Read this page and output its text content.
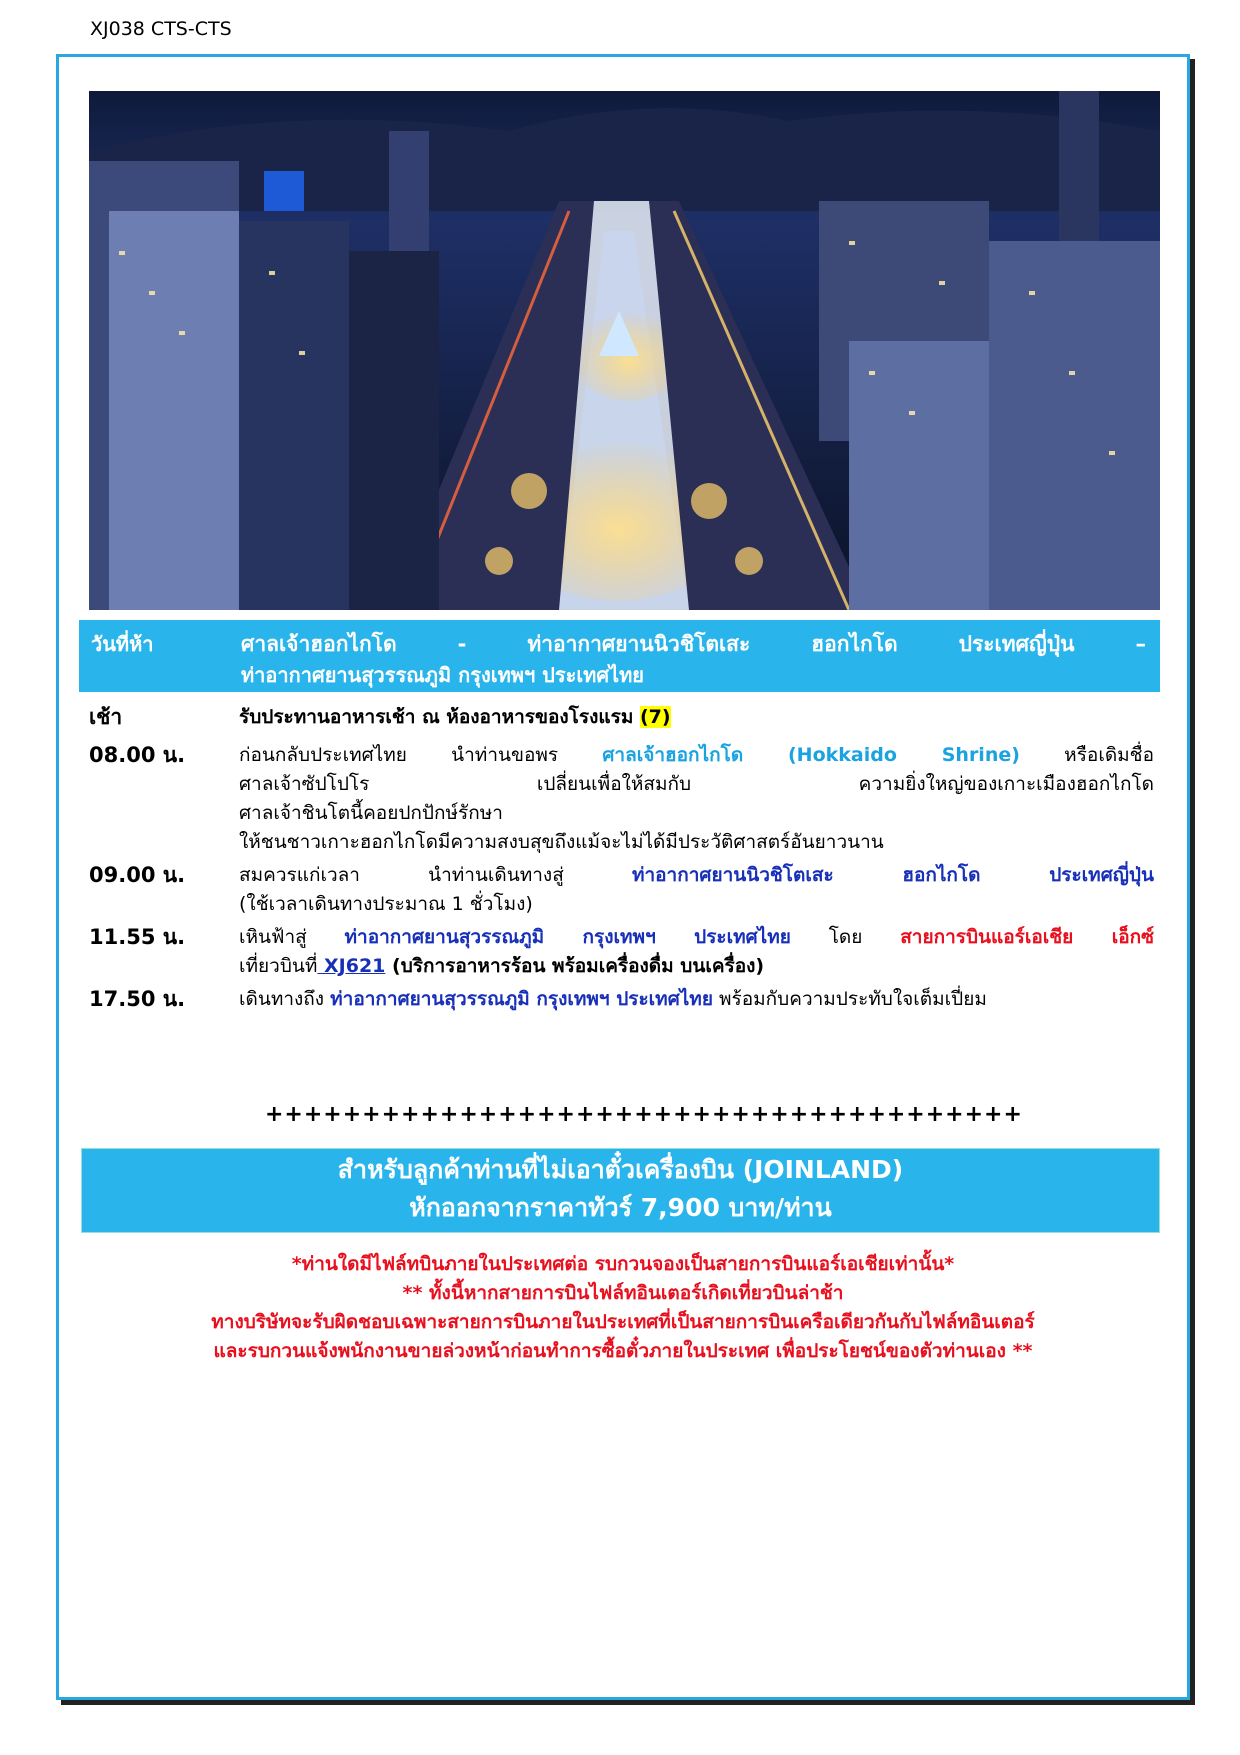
XJ038 CTS-CTS
วันที่ห้า	ศาลเจ้าฮอกไกโด - ท่าอากาศยานนิวชิโตเสะ ฮอกไกโด ประเทศญี่ปุ่น –
ท่าอากาศยานสุวรรณภูมิ กรุงเทพฯ ประเทศไทย
เช้า	รับประทานอาหารเช้า ณ ห้องอาหารของโรงแรม (7)
08.00 น.	ก่อนกลับประเทศไทย นำท่านขอพร ศาลเจ้าฮอกไกโด (Hokkaido Shrine) หรือเดิมชื่อ
ศาลเจ้าซัปโปโร เปลี่ยนเพื่อให้สมกับ ความยิ่งใหญ่ของเกาะเมืองฮอกไกโด
ศาลเจ้าชินโตนี้คอยปกปักษ์รักษา
ให้ชนชาวเกาะฮอกไกโดมีความสงบสุขถึงแม้จะไม่ได้มีประวัติศาสตร์อันยาวนาน
09.00 น.	สมควรแก่เวลา นำท่านเดินทางสู่ ท่าอากาศยานนิวชิโตเสะ ฮอกไกโด ประเทศญี่ปุ่น
(ใช้เวลาเดินทางประมาณ 1 ชั่วโมง)
11.55 น.	เหินฟ้าสู่ ท่าอากาศยานสุวรรณภูมิ กรุงเทพฯ ประเทศไทย โดย สายการบินแอร์เอเชีย เอ็กซ์
เที่ยวบินที่ XJ621 (บริการอาหารร้อน พร้อมเครื่องดื่ม บนเครื่อง)
17.50 น.	เดินทางถึง ท่าอากาศยานสุวรรณภูมิ กรุงเทพฯ ประเทศไทย พร้อมกับความประทับใจเต็มเปี่ยม
+++++++++++++++++++++++++++++++++++++++
สำหรับลูกค้าท่านที่ไม่เอาตั๋วเครื่องบิน (JOINLAND)
หักออกจากราคาทัวร์ 7,900 บาท/ท่าน
*ท่านใดมีไฟล์ทบินภายในประเทศต่อ รบกวนจองเป็นสายการบินแอร์เอเชียเท่านั้น*
** ทั้งนี้หากสายการบินไฟล์ทอินเตอร์เกิดเที่ยวบินล่าช้า
ทางบริษัทจะรับผิดชอบเฉพาะสายการบินภายในประเทศที่เป็นสายการบินเครือเดียวกันกับไฟล์ทอินเตอร์
และรบกวนแจ้งพนักงานขายล่วงหน้าก่อนทำการซื้อตั๋วภายในประเทศ เพื่อประโยชน์ของตัวท่านเอง **
